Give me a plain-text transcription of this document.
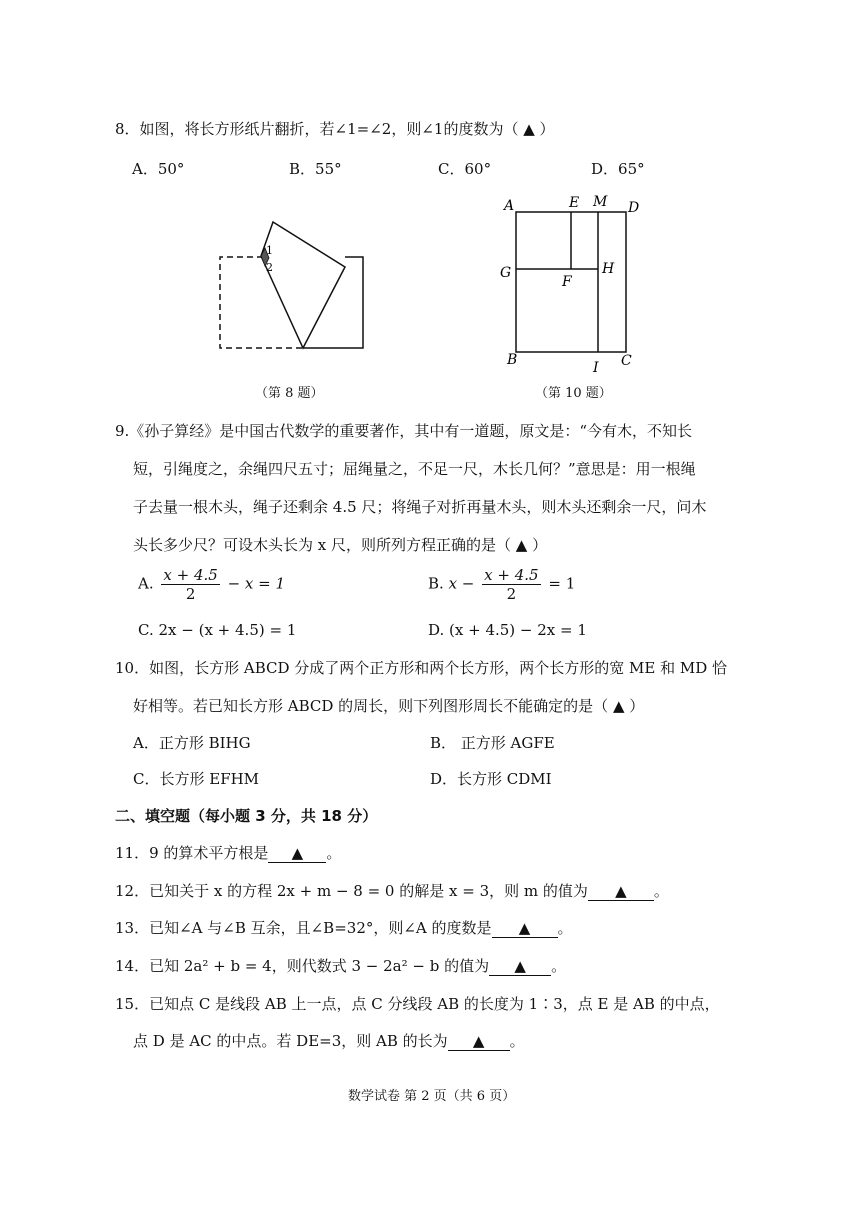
8．如图，将长方形纸片翻折，若∠1=∠2，则∠1的度数为（ ▲ ）
A．50°	B．55°	C．60°	D．65°
1
2
（第 8 题）
A	E M D
G
F
H
B	I C
（第 10 题）
9.《孙子算经》是中国古代数学的重要著作，其中有一道题，原文是：“今有木，不知长
短，引绳度之，余绳四尺五寸；屈绳量之，不足一尺，木长几何？”意思是：用一根绳
子去量一根木头，绳子还剩余 4.5 尺；将绳子对折再量木头，则木头还剩余一尺，问木
头长多少尺？可设木头长为 x 尺，则所列方程正确的是（ ▲ ）
A. $\frac{x + 4.5}{2} - x = 1$	B. $x - \frac{x + 4.5}{2} = 1$
C. 2x − (x + 4.5) = 1	D. (x + 4.5) − 2x = 1
10．如图，长方形 ABCD 分成了两个正方形和两个长方形，两个长方形的宽 ME 和 MD 恰
好相等。若已知长方形 ABCD 的周长，则下列图形周长不能确定的是（ ▲ ）
A．正方形 BIHG	B． 正方形 AGFE
C．长方形 EFHM	D．长方形 CDMI
二、填空题（每小题 3 分，共 18 分）
11．9 的算术平方根是 ▲ 。
12．已知关于 x 的方程 2x + m − 8 = 0 的解是 x = 3，则 m 的值为 ▲ 。
13．已知∠A 与∠B 互余，且∠B=32°，则∠A 的度数是 ▲ 。
14．已知 2a² + b = 4，则代数式 3 − 2a² − b 的值为 ▲ 。
15．已知点 C 是线段 AB 上一点，点 C 分线段 AB 的长度为 1∶3，点 E 是 AB 的中点，
点 D 是 AC 的中点。若 DE=3，则 AB 的长为 ▲ 。
数学试卷 第 2 页（共 6 页）
